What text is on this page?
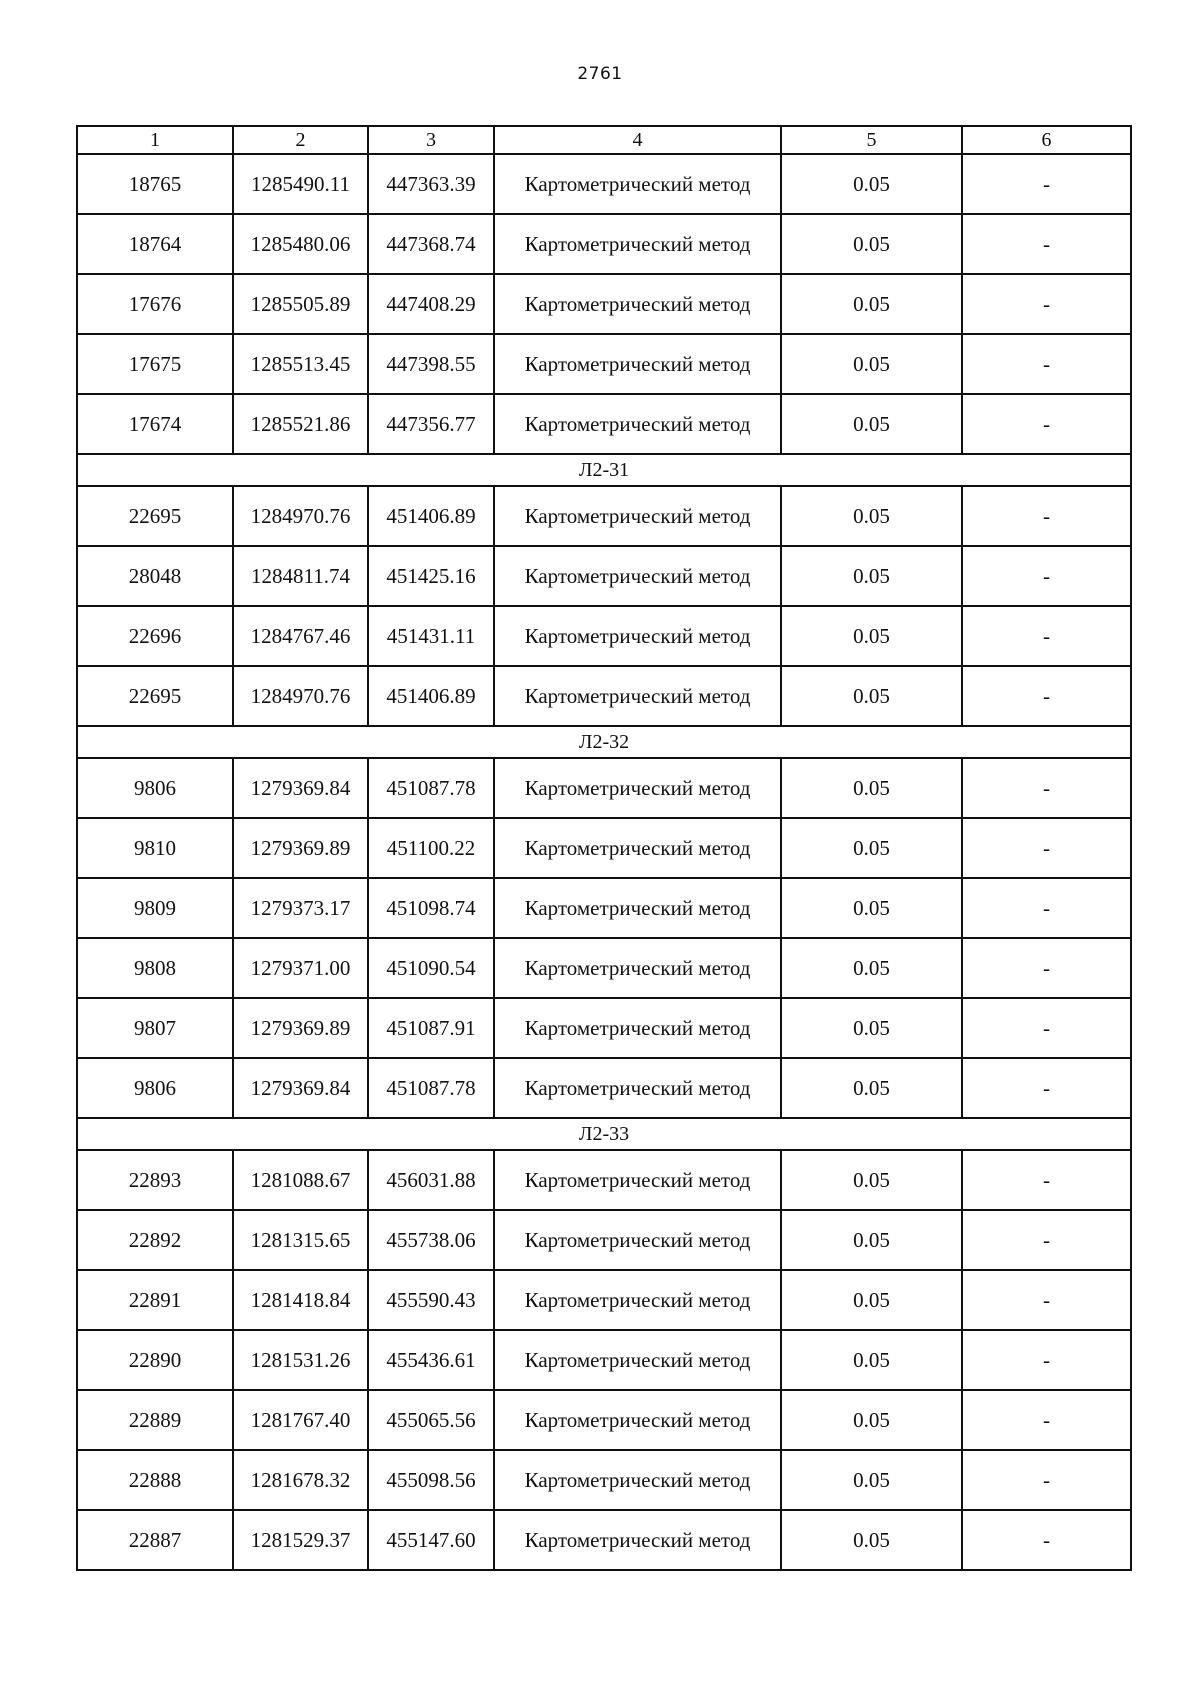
2761
1	2	3	4	5	6
18765	1285490.11	447363.39	Картометрический метод	0.05	-
18764	1285480.06	447368.74	Картометрический метод	0.05	-
17676	1285505.89	447408.29	Картометрический метод	0.05	-
17675	1285513.45	447398.55	Картометрический метод	0.05	-
17674	1285521.86	447356.77	Картометрический метод	0.05	-
Л2-31					
22695	1284970.76	451406.89	Картометрический метод	0.05	-
28048	1284811.74	451425.16	Картометрический метод	0.05	-
22696	1284767.46	451431.11	Картометрический метод	0.05	-
22695	1284970.76	451406.89	Картометрический метод	0.05	-
Л2-32					
9806	1279369.84	451087.78	Картометрический метод	0.05	-
9810	1279369.89	451100.22	Картометрический метод	0.05	-
9809	1279373.17	451098.74	Картометрический метод	0.05	-
9808	1279371.00	451090.54	Картометрический метод	0.05	-
9807	1279369.89	451087.91	Картометрический метод	0.05	-
9806	1279369.84	451087.78	Картометрический метод	0.05	-
Л2-33					
22893	1281088.67	456031.88	Картометрический метод	0.05	-
22892	1281315.65	455738.06	Картометрический метод	0.05	-
22891	1281418.84	455590.43	Картометрический метод	0.05	-
22890	1281531.26	455436.61	Картометрический метод	0.05	-
22889	1281767.40	455065.56	Картометрический метод	0.05	-
22888	1281678.32	455098.56	Картометрический метод	0.05	-
22887	1281529.37	455147.60	Картометрический метод	0.05	-
